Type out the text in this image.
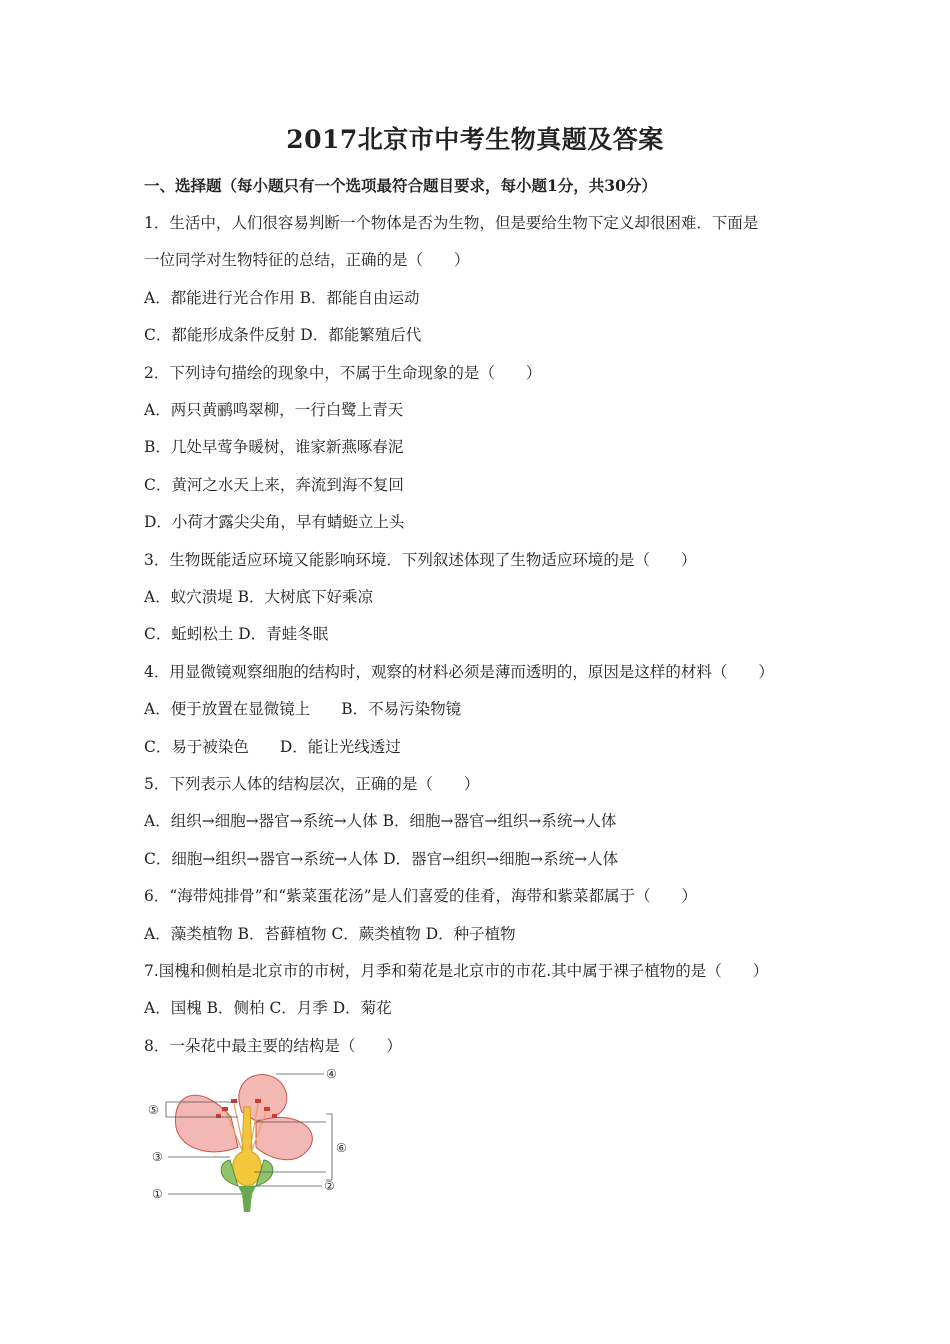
2017北京市中考生物真题及答案
一、选择题（每小题只有一个选项最符合题目要求，每小题1分，共30分）
1．生活中，人们很容易判断一个物体是否为生物，但是要给生物下定义却很困难．下面是
一位同学对生物特征的总结，正确的是（　　）
A．都能进行光合作用 B．都能自由运动
C．都能形成条件反射 D．都能繁殖后代
2．下列诗句描绘的现象中，不属于生命现象的是（　　）
A．两只黄鹂鸣翠柳，一行白鹭上青天
B．几处早莺争暖树，谁家新燕啄春泥
C．黄河之水天上来，奔流到海不复回
D．小荷才露尖尖角，早有蜻蜓立上头
3．生物既能适应环境又能影响环境．下列叙述体现了生物适应环境的是（　　）
A．蚁穴溃堤 B．大树底下好乘凉
C．蚯蚓松土 D．青蛙冬眠
4．用显微镜观察细胞的结构时，观察的材料必须是薄而透明的，原因是这样的材料（　　）
A．便于放置在显微镜上　　B．不易污染物镜
C．易于被染色　　D．能让光线透过
5．下列表示人体的结构层次，正确的是（　　）
A．组织→细胞→器官→系统→人体 B．细胞→器官→组织→系统→人体
C．细胞→组织→器官→系统→人体 D．器官→组织→细胞→系统→人体
6．“海带炖排骨”和“紫菜蛋花汤”是人们喜爱的佳肴，海带和紫菜都属于（　　）
A．藻类植物 B．苔藓植物 C．蕨类植物 D．种子植物
7.国槐和侧柏是北京市的市树，月季和菊花是北京市的市花.其中属于裸子植物的是（　　）
A．国槐 B．侧柏 C．月季 D．菊花
8．一朵花中最主要的结构是（　　）
④
⑤
⑥
③
②
①
